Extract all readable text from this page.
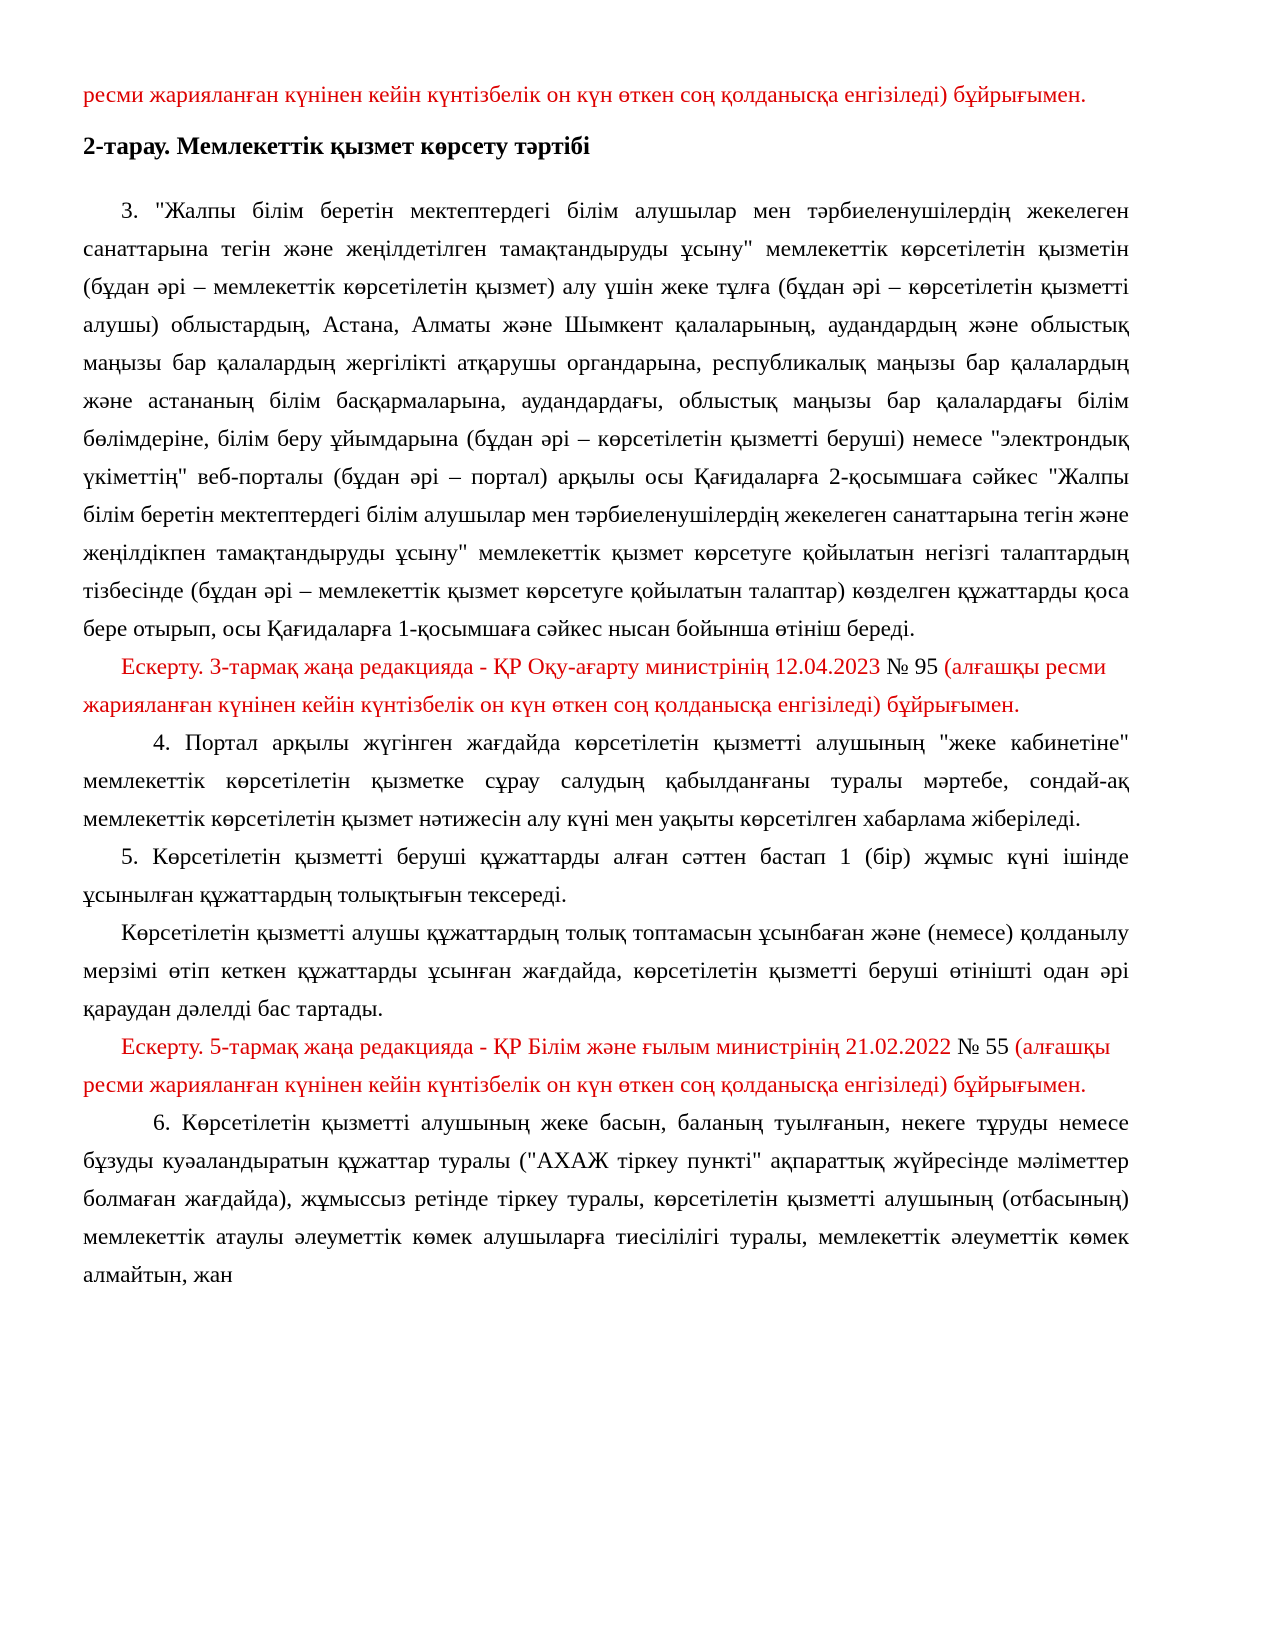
ресми жарияланған күнінен кейін күнтізбелік он күн өткен соң қолданысқа енгізіледі) бұйрығымен.

2-тарау. Мемлекеттік қызмет көрсету тәртібі

3. "Жалпы білім беретін мектептердегі білім алушылар мен тәрбиеленушілердің жекелеген санаттарына тегін және жеңілдетілген тамақтандыруды ұсыну" мемлекеттік көрсетілетін қызметін (бұдан әрі – мемлекеттік көрсетілетін қызмет) алу үшін жеке тұлға (бұдан әрі – көрсетілетін қызметті алушы) облыстардың, Астана, Алматы және Шымкент қалаларының, аудандардың және облыстық маңызы бар қалалардың жергілікті атқарушы органдарына, республикалық маңызы бар қалалардың және астананың білім басқармаларына, аудандардағы, облыстық маңызы бар қалалардағы білім бөлімдеріне, білім беру ұйымдарына (бұдан әрі – көрсетілетін қызметті беруші) немесе "электрондық үкіметтің" веб-порталы (бұдан әрі – портал) арқылы осы Қағидаларға 2-қосымшаға сәйкес "Жалпы білім беретін мектептердегі білім алушылар мен тәрбиеленушілердің жекелеген санаттарына тегін және жеңілдікпен тамақтандыруды ұсыну" мемлекеттік қызмет көрсетуге қойылатын негізгі талаптардың тізбесінде (бұдан әрі – мемлекеттік қызмет көрсетуге қойылатын талаптар) көзделген құжаттарды қоса бере отырып, осы Қағидаларға 1-қосымшаға сәйкес нысан бойынша өтініш береді.

Ескерту. 3-тармақ жаңа редакцияда - ҚР Оқу-ағарту министрінің 12.04.2023 № 95 (алғашқы ресми жарияланған күнінен кейін күнтізбелік он күн өткен соң қолданысқа енгізіледі) бұйрығымен.

4. Портал арқылы жүгінген жағдайда көрсетілетін қызметті алушының "жеке кабинетіне" мемлекеттік көрсетілетін қызметке сұрау салудың қабылданғаны туралы мәртебе, сондай-ақ мемлекеттік көрсетілетін қызмет нәтижесін алу күні мен уақыты көрсетілген хабарлама жіберіледі.

5. Көрсетілетін қызметті беруші құжаттарды алған сәттен бастап 1 (бір) жұмыс күні ішінде ұсынылған құжаттардың толықтығын тексереді.

Көрсетілетін қызметті алушы құжаттардың толық топтамасын ұсынбаған және (немесе) қолданылу мерзімі өтіп кеткен құжаттарды ұсынған жағдайда, көрсетілетін қызметті беруші өтінішті одан әрі қараудан дәлелді бас тартады.

Ескерту. 5-тармақ жаңа редакцияда - ҚР Білім және ғылым министрінің 21.02.2022 № 55 (алғашқы ресми жарияланған күнінен кейін күнтізбелік он күн өткен соң қолданысқа енгізіледі) бұйрығымен.

6. Көрсетілетін қызметті алушының жеке басын, баланың туылғанын, некеге тұруды немесе бұзуды куәаландыратын құжаттар туралы ("АХАЖ тіркеу пункті" ақпараттық жүйресінде мәліметтер болмаған жағдайда), жұмыссыз ретінде тіркеу туралы, көрсетілетін қызметті алушының (отбасының) мемлекеттік атаулы әлеуметтік көмек алушыларға тиесілілігі туралы, мемлекеттік әлеуметтік көмек алмайтын, жан
